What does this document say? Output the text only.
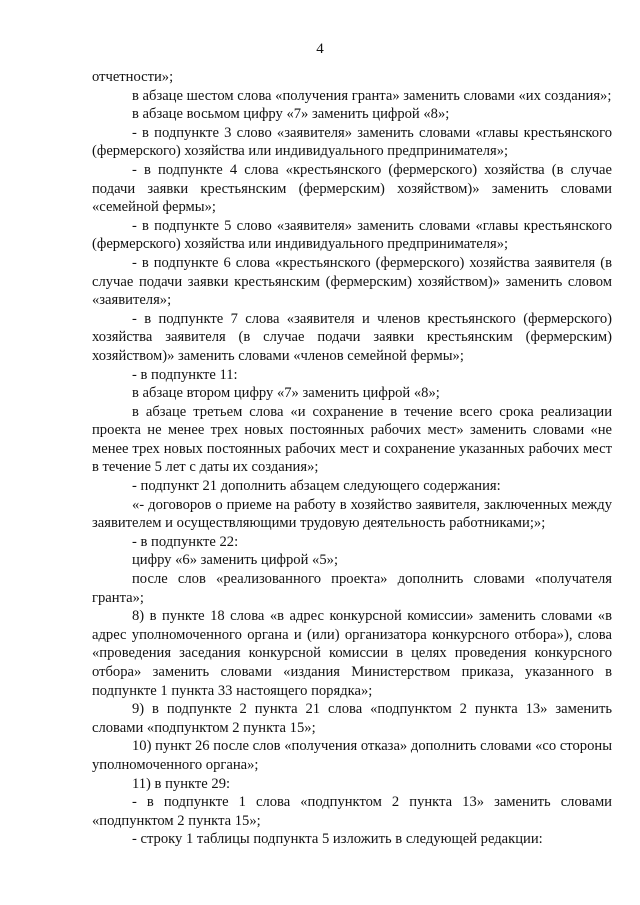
4

отчетности»;

в абзаце шестом слова «получения гранта» заменить словами «их создания»;

в абзаце восьмом цифру «7» заменить цифрой «8»;

- в подпункте 3 слово «заявителя» заменить словами «главы крестьянского (фермерского) хозяйства или индивидуального предпринимателя»;

- в подпункте 4 слова «крестьянского (фермерского) хозяйства (в случае подачи заявки крестьянским (фермерским) хозяйством)» заменить словами «семейной фермы»;

- в подпункте 5 слово «заявителя» заменить словами «главы крестьянского (фермерского) хозяйства или индивидуального предпринимателя»;

- в подпункте 6 слова «крестьянского (фермерского) хозяйства заявителя (в случае подачи заявки крестьянским (фермерским) хозяйством)» заменить словом «заявителя»;

- в подпункте 7 слова «заявителя и членов крестьянского (фермерского) хозяйства заявителя (в случае подачи заявки крестьянским (фермерским) хозяйством)» заменить словами «членов семейной фермы»;

- в подпункте 11:

в абзаце втором цифру «7» заменить цифрой «8»;

в абзаце третьем слова «и сохранение в течение всего срока реализации проекта не менее трех новых постоянных рабочих мест» заменить словами «не менее трех новых постоянных рабочих мест и сохранение указанных рабочих мест в течение 5 лет с даты их создания»;

- подпункт 21 дополнить абзацем следующего содержания:

«- договоров о приеме на работу в хозяйство заявителя, заключенных между заявителем и осуществляющими трудовую деятельность работниками;»;

- в подпункте 22:

цифру «6» заменить цифрой «5»;

после слов «реализованного проекта» дополнить словами «получателя гранта»;

8) в пункте 18 слова «в адрес конкурсной комиссии» заменить словами «в адрес уполномоченного органа и (или) организатора конкурсного отбора»), слова «проведения заседания конкурсной комиссии в целях проведения конкурсного отбора» заменить словами «издания Министерством приказа, указанного в подпункте 1 пункта 33 настоящего порядка»;

9) в подпункте 2 пункта 21 слова «подпунктом 2 пункта 13» заменить словами «подпунктом 2 пункта 15»;

10) пункт 26 после слов «получения отказа» дополнить словами «со стороны уполномоченного органа»;

11) в пункте 29:

- в подпункте 1 слова «подпунктом 2 пункта 13» заменить словами «подпунктом 2 пункта 15»;

- строку 1 таблицы подпункта 5 изложить в следующей редакции:
